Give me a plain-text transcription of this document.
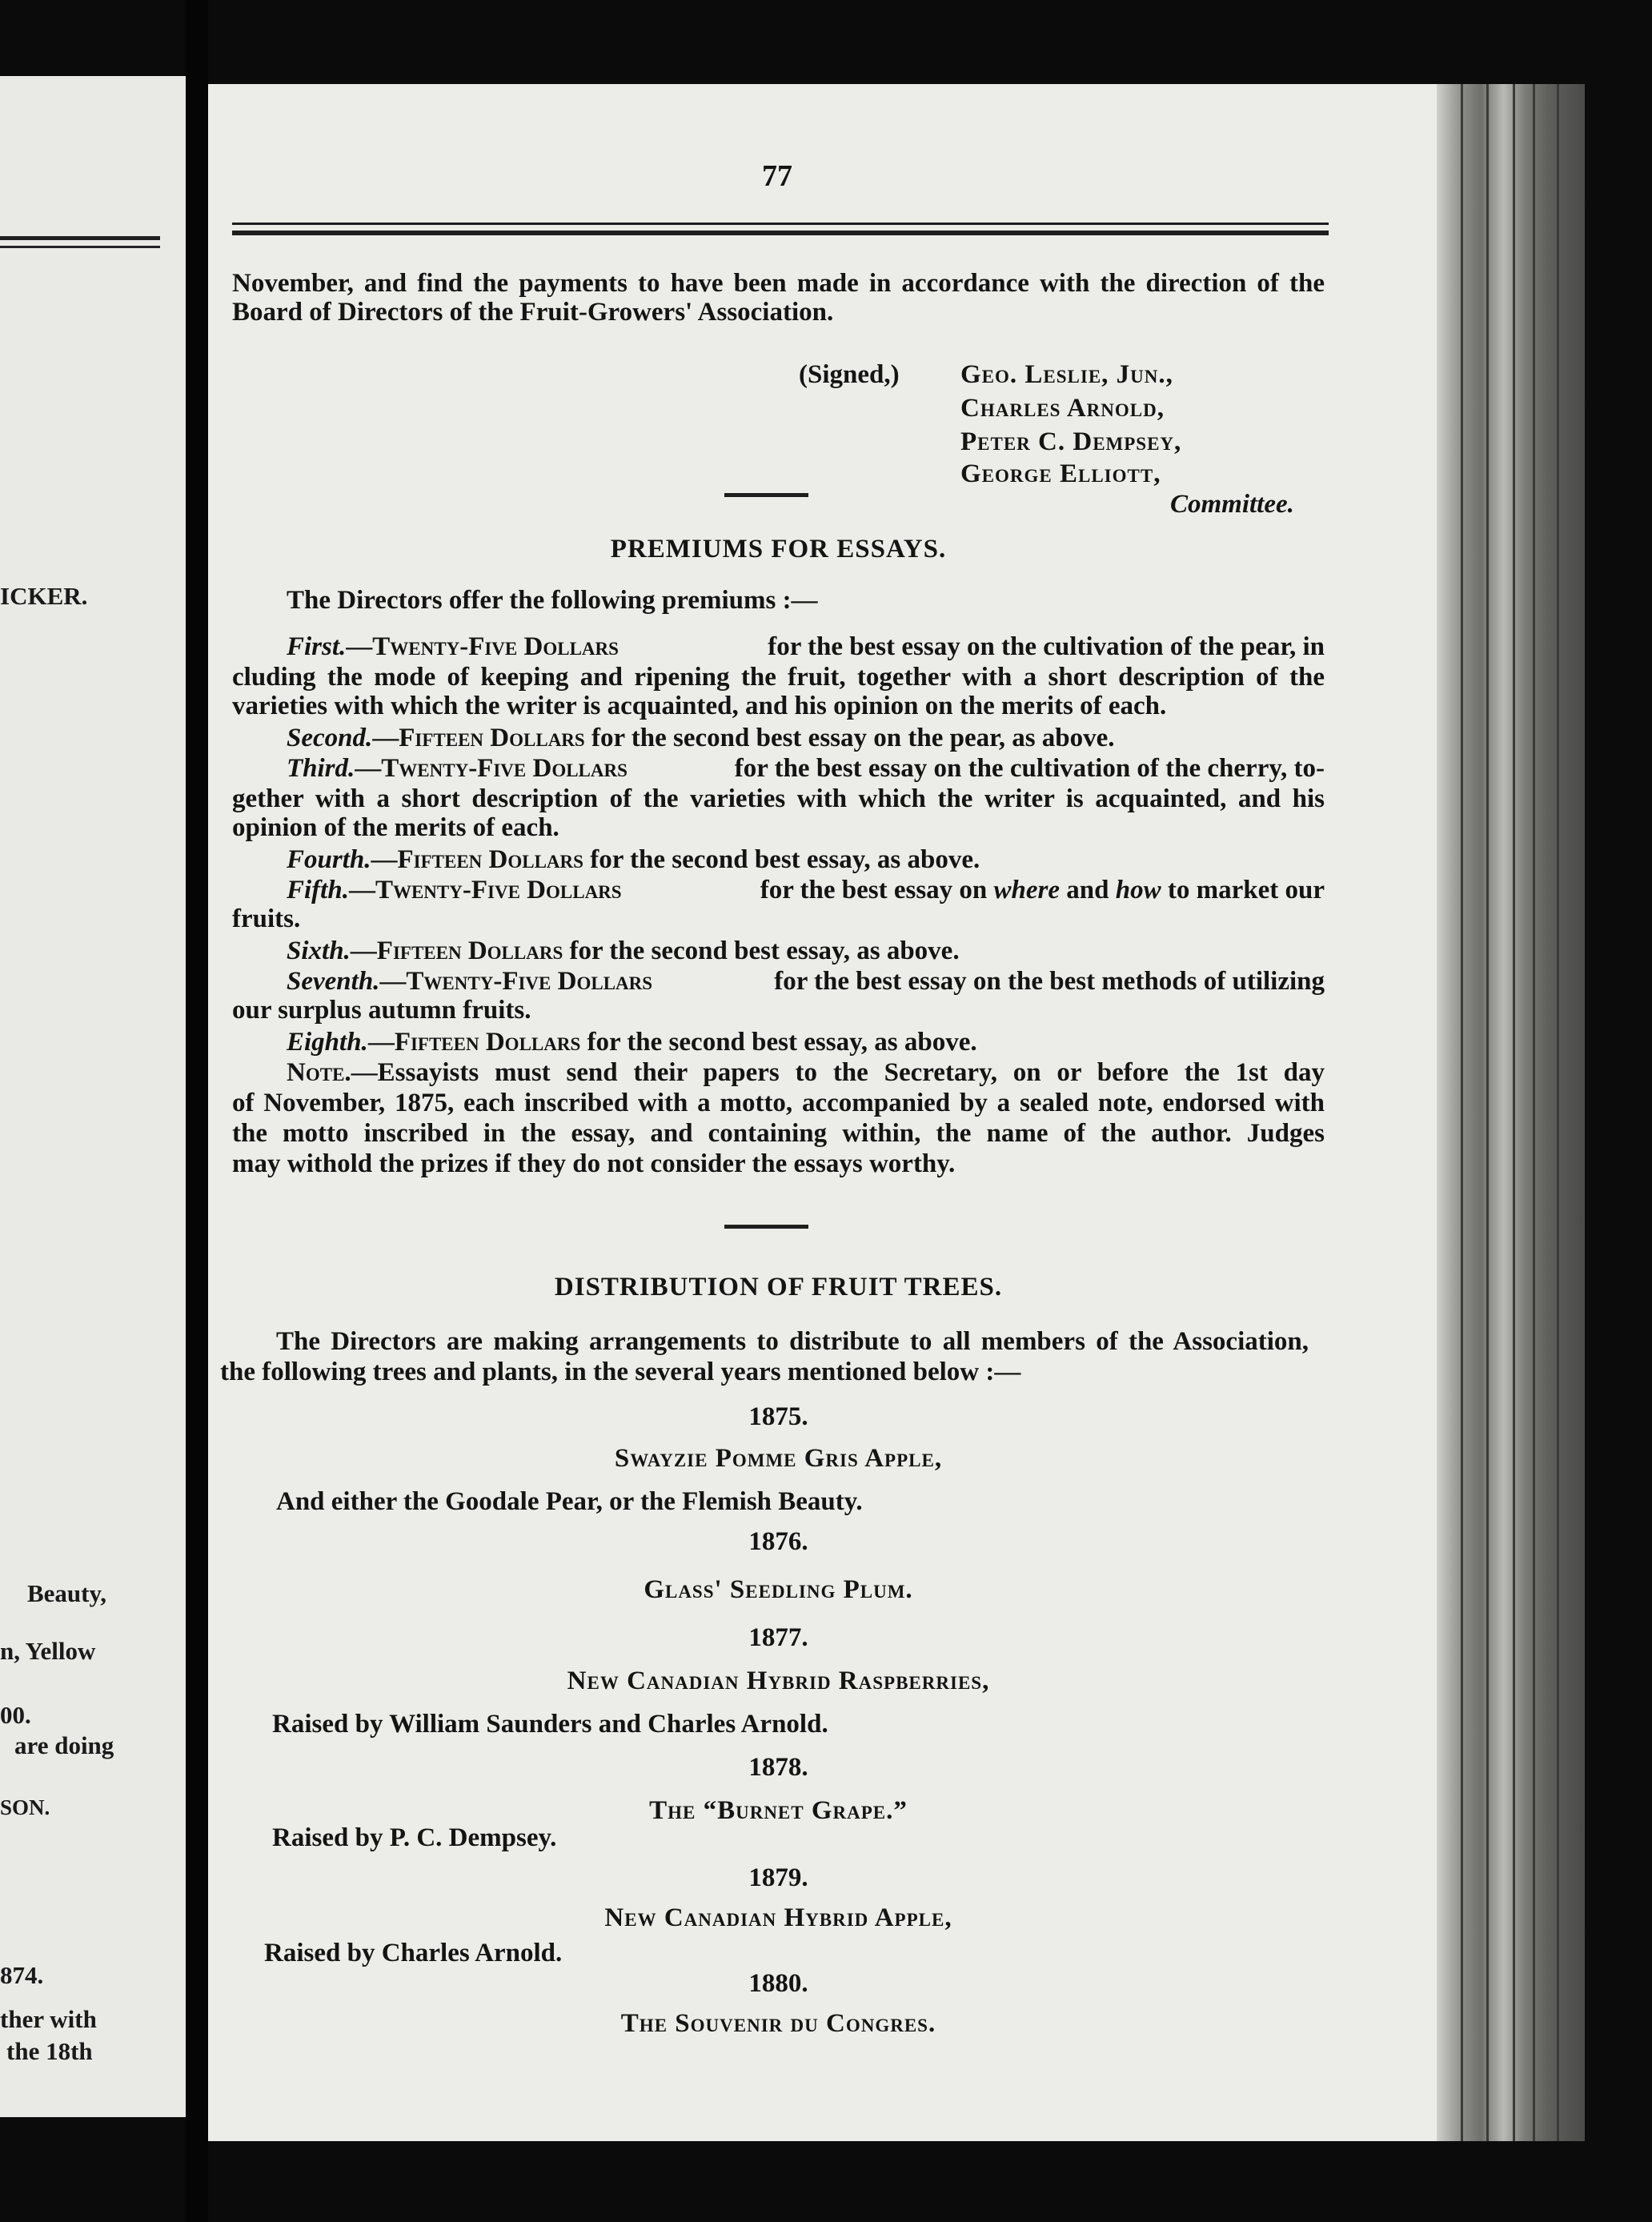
ICKER.
Beauty,
n, Yellow
00.
are doing
SON.
874.
ther with
the 18th
77
November, and find the payments to have been made in accordance with the direction of the
Board of Directors of the Fruit-Growers' Association.
(Signed,) Geo. Leslie, Jun.,
Charles Arnold,
Peter C. Dempsey,
George Elliott,
Committee.
PREMIUMS FOR ESSAYS.
The Directors offer the following premiums :—
First.—Twenty-Five Dollars	for the best essay on the cultivation of the pear, in
cluding the mode of keeping and ripening the fruit, together with a short description of the
varieties with which the writer is acquainted, and his opinion on the merits of each.
Second.—Fifteen Dollars for the second best essay on the pear, as above.
Third.—Twenty-Five Dollars	for the best essay on the cultivation of the cherry, to-
gether with a short description of the varieties with which the writer is acquainted, and his
opinion of the merits of each.
Fourth.—Fifteen Dollars for the second best essay, as above.
Fifth.—Twenty-Five Dollars	for the best essay on where and how to market our
fruits.
Sixth.—Fifteen Dollars for the second best essay, as above.
Seventh.—Twenty-Five Dollars	for the best essay on the best methods of utilizing
our surplus autumn fruits.
Eighth.—Fifteen Dollars for the second best essay, as above.
Note. —Essayists must send their papers to the Secretary, on or before the 1st day
of November, 1875, each inscribed with a motto, accompanied by a sealed note, endorsed with
the motto inscribed in the essay, and containing within, the name of the author. Judges
may withold the prizes if they do not consider the essays worthy.
DISTRIBUTION OF FRUIT TREES.
The Directors are making arrangements to distribute to all members of the Association,
the following trees and plants, in the several years mentioned below :—
1875.
Swayzie Pomme Gris Apple,
And either the Goodale Pear, or the Flemish Beauty.
1876.
Glass' Seedling Plum.
1877.
New Canadian Hybrid Raspberries,
Raised by William Saunders and Charles Arnold.
1878.
The “Burnet Grape.”
Raised by P. C. Dempsey.
1879.
New Canadian Hybrid Apple,
Raised by Charles Arnold.
1880.
The Souvenir du Congres.
